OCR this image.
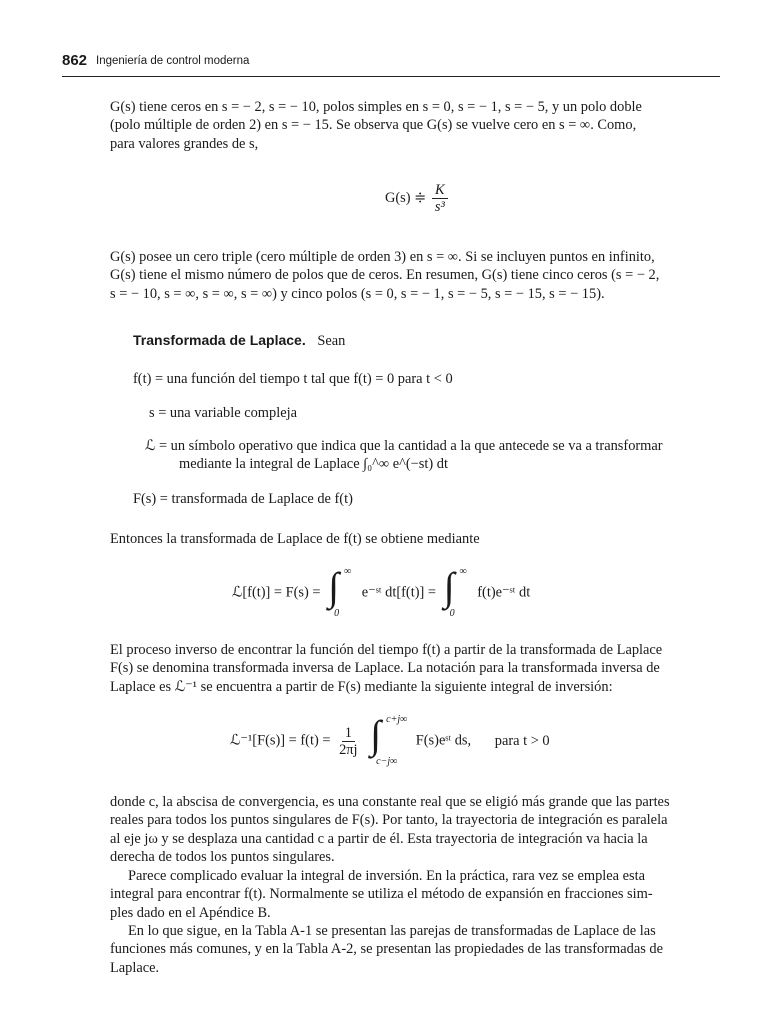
862 Ingeniería de control moderna
G(s) tiene ceros en s = − 2, s = − 10, polos simples en s = 0, s = − 1, s = − 5, y un polo doble
(polo múltiple de orden 2) en s = − 15. Se observa que G(s) se vuelve cero en s = ∞. Como,
para valores grandes de s,
G(s) ≑ $\frac{K}{\text{s³}}$
G(s) posee un cero triple (cero múltiple de orden 3) en s = ∞. Si se incluyen puntos en infinito,
G(s) tiene el mismo número de polos que de ceros. En resumen, G(s) tiene cinco ceros (s = − 2,
s = − 10, s = ∞, s = ∞, s = ∞) y cinco polos (s = 0, s = − 1, s = − 5, s = − 15, s = − 15).
Transformada de Laplace. Sean
f(t) = una función del tiempo t tal que f(t) = 0 para t < 0
s = una variable compleja
ℒ = un símbolo operativo que indica que la cantidad a la que antecede se va a transformar
mediante la integral de Laplace ∫₀^∞ e^(−st) dt
F(s) = transformada de Laplace de f(t)
Entonces la transformada de Laplace de f(t) se obtiene mediante
ℒ[f(t)] = F(s) = ∫ ∞
0
e⁻ˢᵗ dt[f(t)] = ∫ ∞
0
f(t)e⁻ˢᵗ dt
El proceso inverso de encontrar la función del tiempo f(t) a partir de la transformada de Laplace
F(s) se denomina transformada inversa de Laplace. La notación para la transformada inversa de
Laplace es ℒ⁻¹ se encuentra a partir de F(s) mediante la siguiente integral de inversión:
ℒ⁻¹[F(s)] = $f(t) = \frac{1}{2\pi j}$
∫ c+j∞
c−j∞
F(s)eˢᵗ ds, para t > 0
donde c, la abscisa de convergencia, es una constante real que se eligió más grande que las partes
reales para todos los puntos singulares de F(s). Por tanto, la trayectoria de integración es paralela
al eje jω y se desplaza una cantidad c a partir de él. Esta trayectoria de integración va hacia la
derecha de todos los puntos singulares.
Parece complicado evaluar la integral de inversión. En la práctica, rara vez se emplea esta
integral para encontrar f(t). Normalmente se utiliza el método de expansión en fracciones sim-
ples dado en el Apéndice B.
En lo que sigue, en la Tabla A-1 se presentan las parejas de transformadas de Laplace de las
funciones más comunes, y en la Tabla A-2, se presentan las propiedades de las transformadas de
Laplace.
